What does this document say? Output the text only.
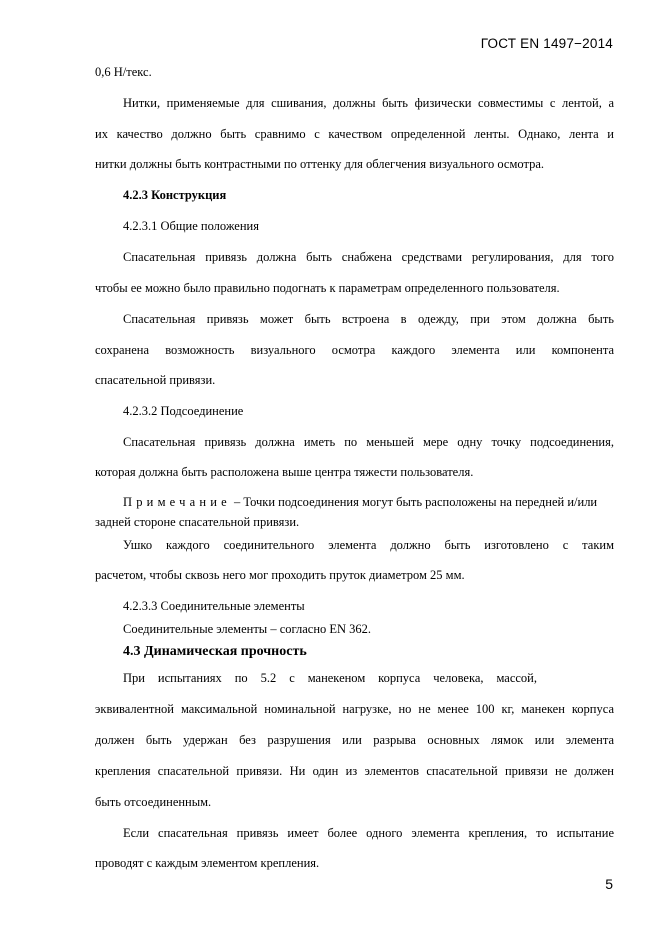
ГОСТ EN 1497−2014
0,6 Н/текс.
Нитки, применяемые для сшивания, должны быть физически совместимы с лентой, а
их качество должно быть сравнимо с качеством определенной ленты. Однако, лента и
нитки должны быть контрастными по оттенку для облегчения визуального осмотра.
4.2.3 Конструкция
4.2.3.1 Общие положения
Спасательная привязь должна быть снабжена средствами регулирования, для того
чтобы ее можно было правильно подогнать к параметрам определенного пользователя.
Спасательная привязь может быть встроена в одежду, при этом должна быть
сохранена возможность визуального осмотра каждого элемента или компонента
спасательной привязи.
4.2.3.2 Подсоединение
Спасательная привязь должна иметь по меньшей мере одну точку подсоединения,
которая должна быть расположена выше центра тяжести пользователя.
Примечание – Точки подсоединения могут быть расположены на передней и/или
задней стороне спасательной привязи.
Ушко каждого соединительного элемента должно быть изготовлено с таким
расчетом, чтобы сквозь него мог проходить пруток диаметром 25 мм.
4.2.3.3 Соединительные элементы
Соединительные элементы – согласно EN 362.
4.3 Динамическая прочность
При испытаниях по 5.2 с манекеном корпуса человека, массой,
эквивалентной максимальной номинальной нагрузке, но не менее 100 кг, манекен корпуса
должен быть удержан без разрушения или разрыва основных лямок или элемента
крепления спасательной привязи. Ни один из элементов спасательной привязи не должен
быть отсоединенным.
Если спасательная привязь имеет более одного элемента крепления, то испытание
проводят с каждым элементом крепления.
5
